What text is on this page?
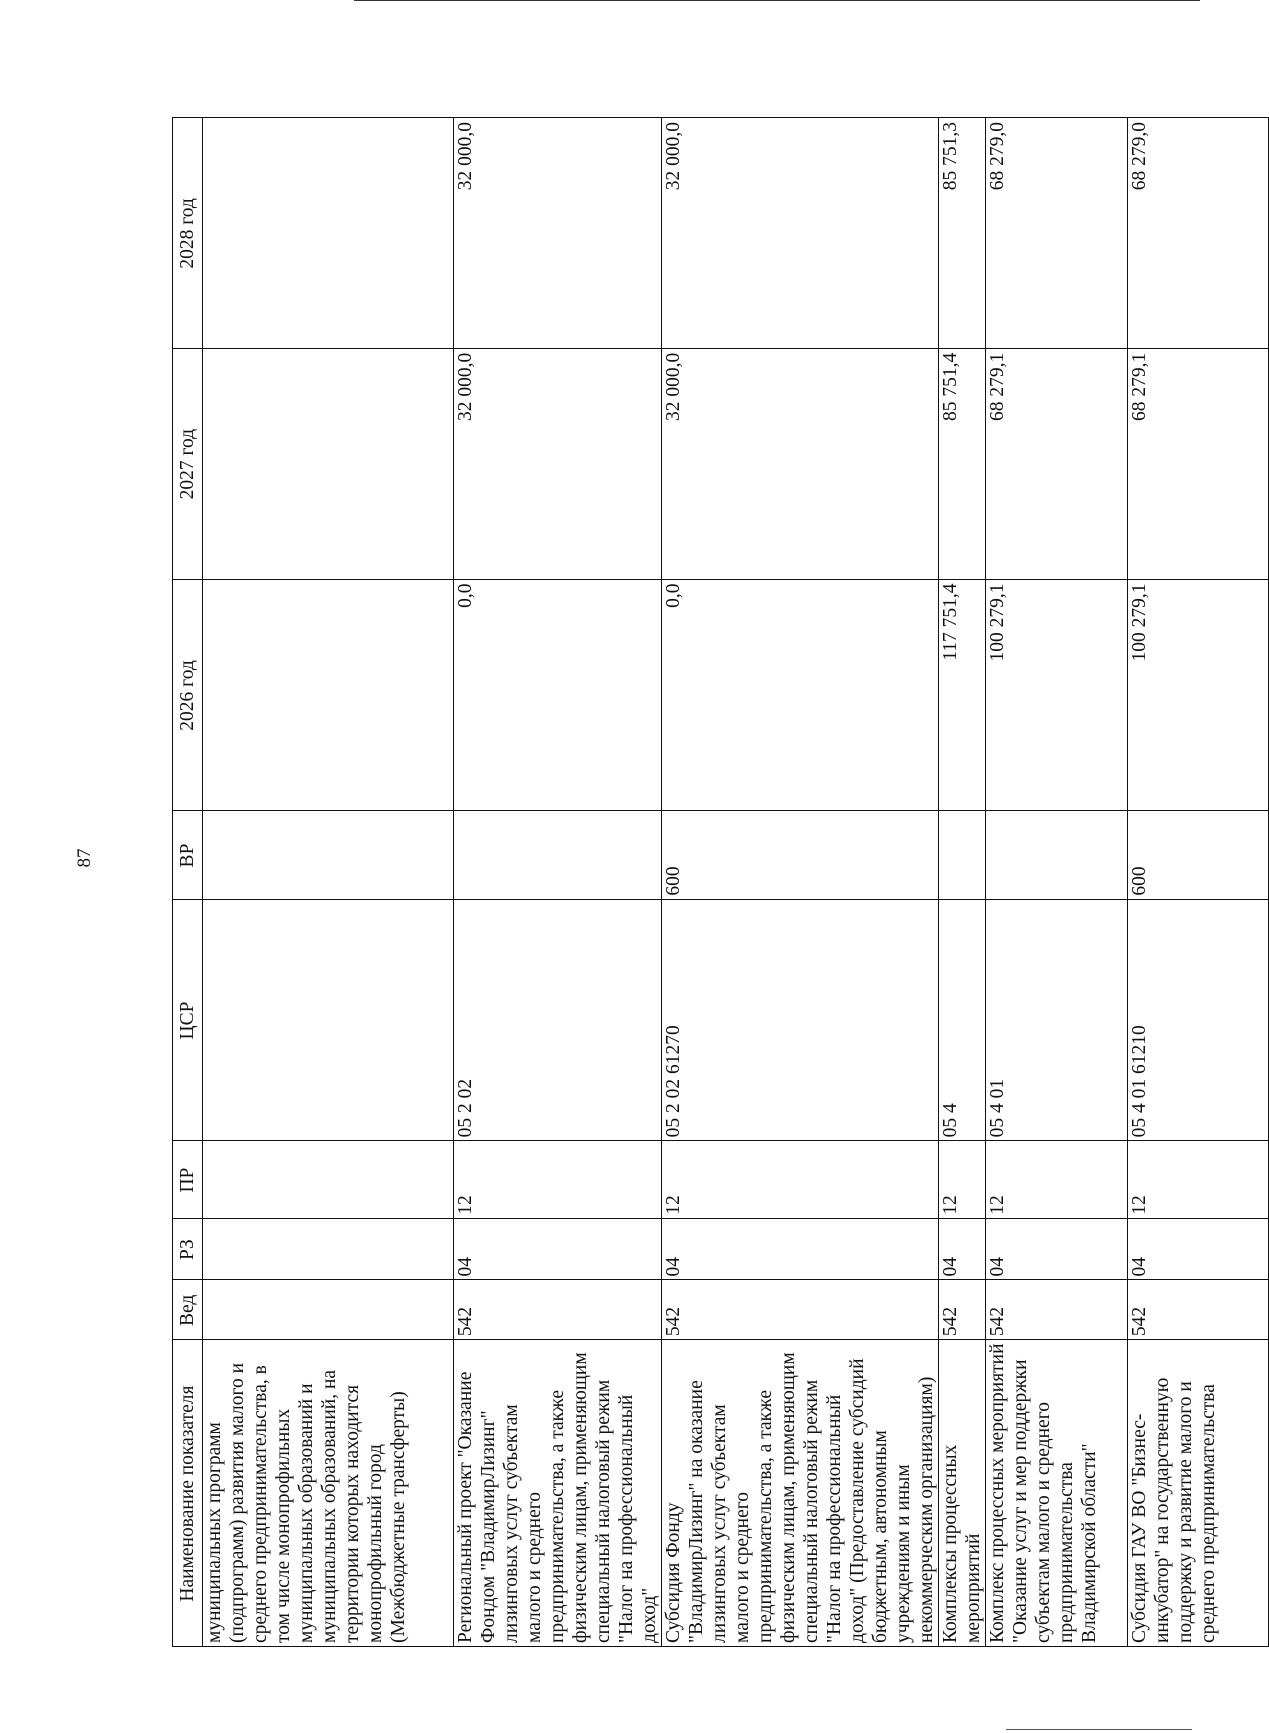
87
Наименование показателя	Вед	РЗ	ПР	ЦСР	ВР	2026 год	2027 год	2028 год
муниципальных программ (подпрограмм) развития малого и среднего предпринимательства, в том числе монопрофильных муниципальных образований и муниципальных образований, на территории которых находится монопрофильный город (Межбюджетные трансферты)								
Региональный проект "Оказание Фондом "ВладимирЛизинг" лизинговых услуг субъектам малого и среднего предпринимательства, а также физическим лицам, применяющим специальный налоговый режим "Налог на профессиональный доход"	542	04	12	05 2 02		0,0	32 000,0	32 000,0
Субсидия Фонду "ВладимирЛизинг" на оказание лизинговых услуг субъектам малого и среднего предпринимательства, а также физическим лицам, применяющим специальный налоговый режим "Налог на профессиональный доход" (Предоставление субсидий бюджетным, автономным учреждениям и иным некоммерческим организациям)	542	04	12	05 2 02 61270	600	0,0	32 000,0	32 000,0
Комплексы процессных мероприятий	542	04	12	05 4		117 751,4	85 751,4	85 751,3
Комплекс процессных мероприятий "Оказание услуг и мер поддержки субъектам малого и среднего предпринимательства Владимирской области"	542	04	12	05 4 01		100 279,1	68 279,1	68 279,0
Субсидия ГАУ ВО "Бизнес-инкубатор" на государственную поддержку и развитие малого и среднего предпринимательства	542	04	12	05 4 01 61210	600	100 279,1	68 279,1	68 279,0
